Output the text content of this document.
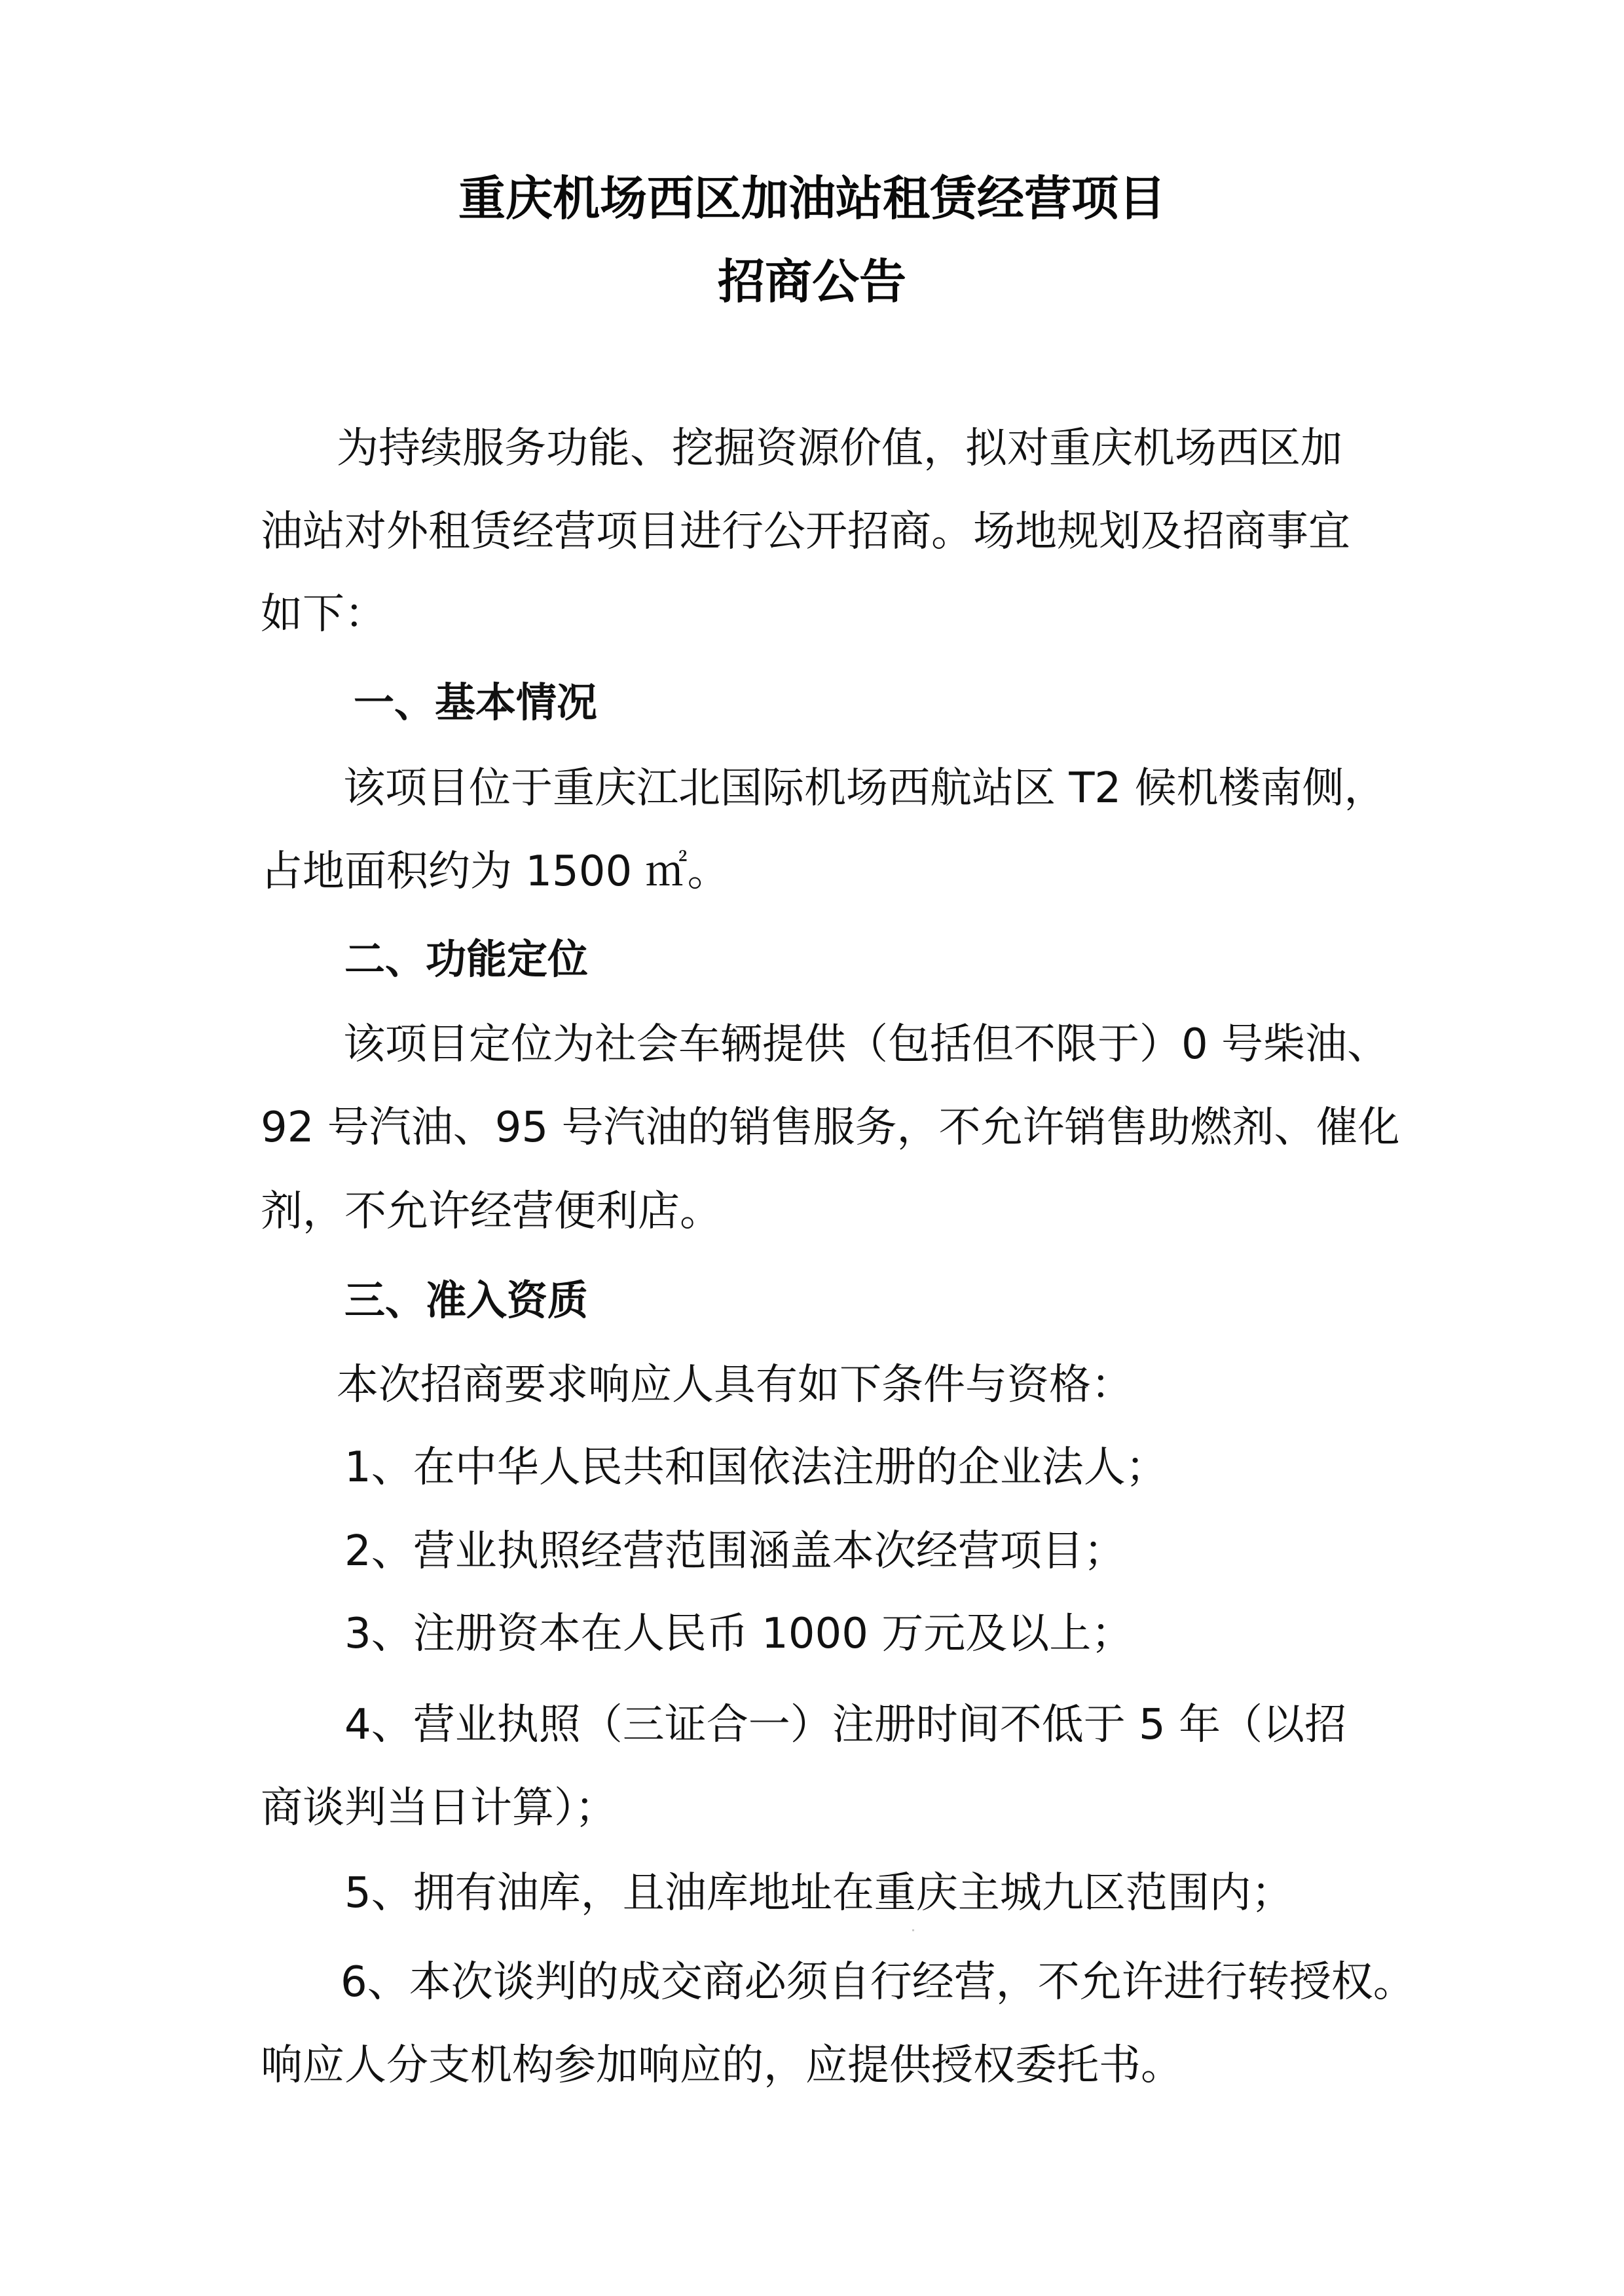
重庆机场西区加油站租赁经营项目
招商公告
为持续服务功能、挖掘资源价值，拟对重庆机场西区加
油站对外租赁经营项目进行公开招商。场地规划及招商事宜
如下：
一、基本情况
该项目位于重庆江北国际机场西航站区 T2 候机楼南侧，
占地面积约为 1500 ㎡。
二、功能定位
该项目定位为社会车辆提供（包括但不限于）0 号柴油、
92 号汽油、95 号汽油的销售服务，不允许销售助燃剂、催化
剂，不允许经营便利店。
三、准入资质
本次招商要求响应人具有如下条件与资格：
1、在中华人民共和国依法注册的企业法人；
2、营业执照经营范围涵盖本次经营项目；
3、注册资本在人民币 1000 万元及以上；
4、营业执照（三证合一）注册时间不低于 5 年（以招
商谈判当日计算）；
5、拥有油库，且油库地址在重庆主城九区范围内；
6、本次谈判的成交商必须自行经营，不允许进行转授权。
响应人分支机构参加响应的，应提供授权委托书。
